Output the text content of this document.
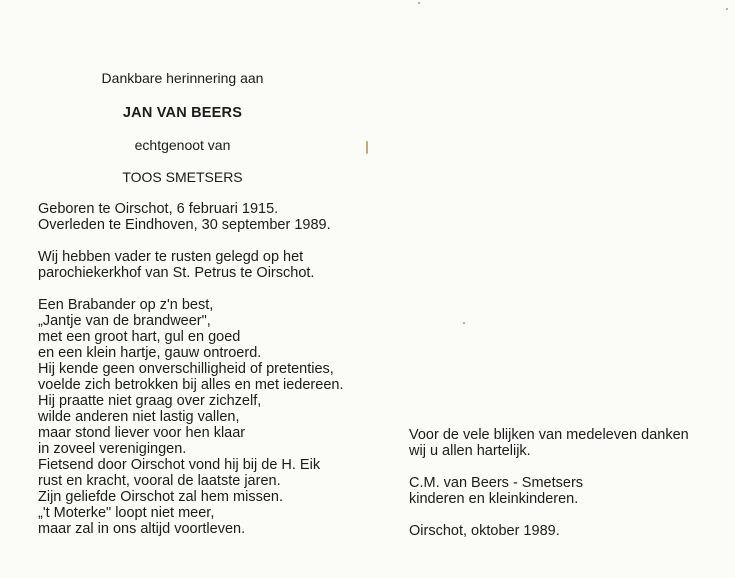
Dankbare herinnering aan
JAN VAN BEERS
echtgenoot van
TOOS SMETSERS
Geboren te Oirschot, 6 februari 1915.
Overleden te Eindhoven, 30 september 1989.
Wij hebben vader te rusten gelegd op het
parochiekerkhof van St. Petrus te Oirschot.
Een Brabander op z'n best,
„Jantje van de brandweer",
met een groot hart, gul en goed
en een klein hartje, gauw ontroerd.
Hij kende geen onverschilligheid of pretenties,
voelde zich betrokken bij alles en met iedereen.
Hij praatte niet graag over zichzelf,
wilde anderen niet lastig vallen,
maar stond liever voor hen klaar
in zoveel verenigingen.
Fietsend door Oirschot vond hij bij de H. Eik
rust en kracht, vooral de laatste jaren.
Zijn geliefde Oirschot zal hem missen.
„'t Moterke" loopt niet meer,
maar zal in ons altijd voortleven.
Voor de vele blijken van medeleven danken
wij u allen hartelijk.
C.M. van Beers - Smetsers
kinderen en kleinkinderen.
Oirschot, oktober 1989.
